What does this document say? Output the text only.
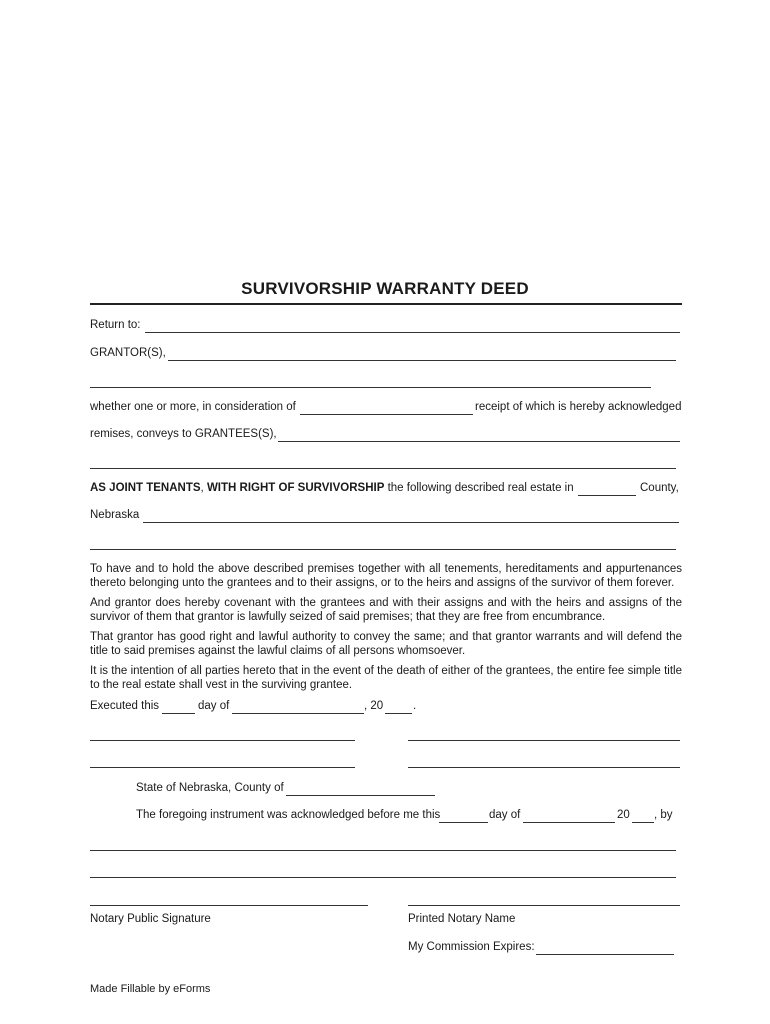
SURVIVORSHIP WARRANTY DEED
Return to:
GRANTOR(S),
whether one or more, in consideration of	receipt of which is hereby acknowledged
remises, conveys to GRANTEES(S),
AS JOINT TENANTS, WITH RIGHT OF SURVIVORSHIP the following described real estate in	County,
Nebraska
To have and to hold the above described premises together with all tenements, hereditaments and appurtenances thereto belonging unto the grantees and to their assigns, or to the heirs and assigns of the survivor of them forever.
And grantor does hereby covenant with the grantees and with their assigns and with the heirs and assigns of the survivor of them that grantor is lawfully seized of said premises; that they are free from encumbrance.
That grantor has good right and lawful authority to convey the same; and that grantor warrants and will defend the title to said premises against the lawful claims of all persons whomsoever.
It is the intention of all parties hereto that in the event of the death of either of the grantees, the entire fee simple title to the real estate shall vest in the surviving grantee.
Executed this	day of	, 20	.
State of Nebraska, County of
The foregoing instrument was acknowledged before me this	day of	20 , by
Notary Public Signature	Printed Notary Name
My Commission Expires:
Made Fillable by eForms
